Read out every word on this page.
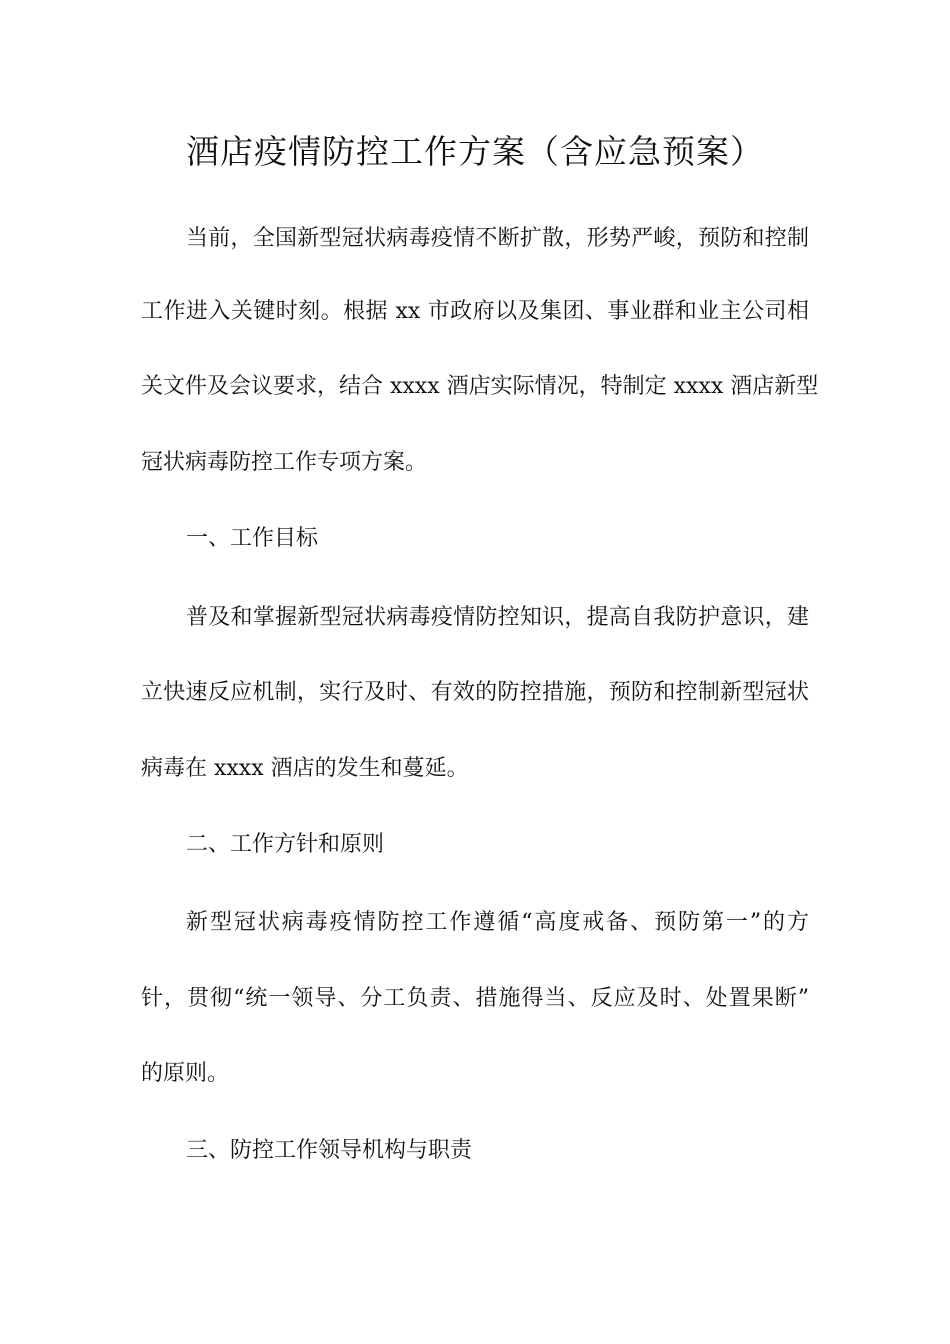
酒店疫情防控工作方案（含应急预案）
当前，全国新型冠状病毒疫情不断扩散，形势严峻，预防和控制
工作进入关键时刻。根据 xx 市政府以及集团、事业群和业主公司相
关文件及会议要求，结合 xxxx 酒店实际情况，特制定 xxxx 酒店新型
冠状病毒防控工作专项方案。
一、工作目标
普及和掌握新型冠状病毒疫情防控知识，提高自我防护意识，建
立快速反应机制，实行及时、有效的防控措施，预防和控制新型冠状
病毒在 xxxx 酒店的发生和蔓延。
二、工作方针和原则
新型冠状病毒疫情防控工作遵循“高度戒备、预防第一”的方
针，贯彻“统一领导、分工负责、措施得当、反应及时、处置果断”
的原则。
三、防控工作领导机构与职责
